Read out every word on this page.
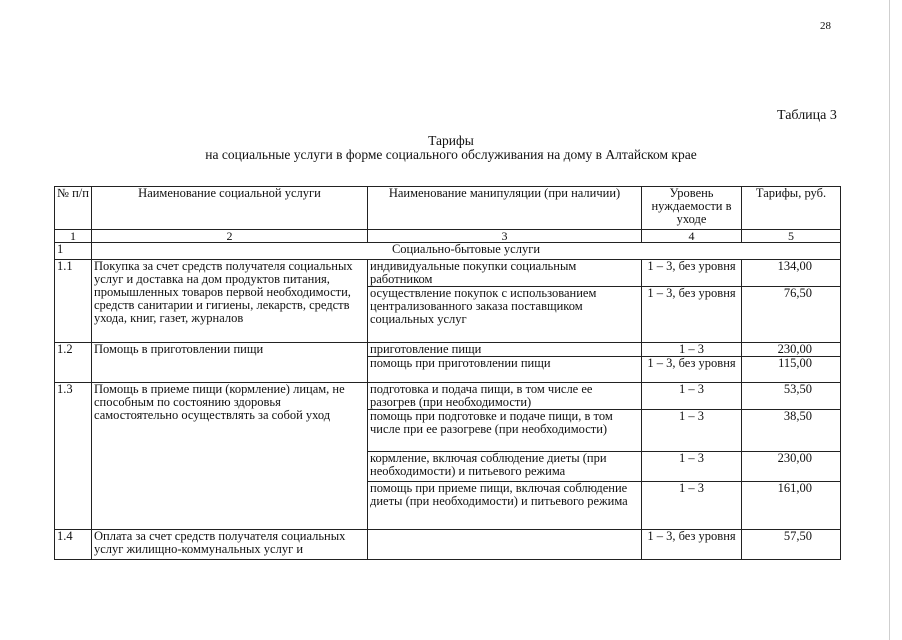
28
Таблица 3
Тарифы
на социальные услуги в форме социального обслуживания на дому в Алтайском крае
№ п/п	Наименование социальной услуги	Наименование манипуляции (при наличии)	Уровень нуждаемости в уходе	Тарифы, руб.
1	2	3	4	5
1	Социально-бытовые услуги			
1.1	Покупка за счет средств получателя социальных услуг и доставка на дом продуктов питания, промышленных товаров первой необходимости, средств санитарии и гигиены, лекарств, средств ухода, книг, газет, журналов	индивидуальные покупки социальным работником	1 – 3, без уровня	134,00
		осуществление покупок с использованием централизованного заказа поставщиком социальных услуг	1 – 3, без уровня	76,50
1.2	Помощь в приготовлении пищи	приготовление пищи	1 – 3	230,00
		помощь при приготовлении пищи	1 – 3, без уровня	115,00
1.3	Помощь в приеме пищи (кормление) лицам, не способным по состоянию здоровья самостоятельно осуществлять за собой уход	подготовка и подача пищи, в том числе ее разогрев (при необходимости)	1 – 3	53,50
		помощь при подготовке и подаче пищи, в том числе при ее разогреве (при необходимости)	1 – 3	38,50
		кормление, включая соблюдение диеты (при необходимости) и питьевого режима	1 – 3	230,00
		помощь при приеме пищи, включая соблюдение диеты (при необходимости) и питьевого режима	1 – 3	161,00
1.4	Оплата за счет средств получателя социальных услуг жилищно-коммунальных услуг и		1 – 3, без уровня	57,50
